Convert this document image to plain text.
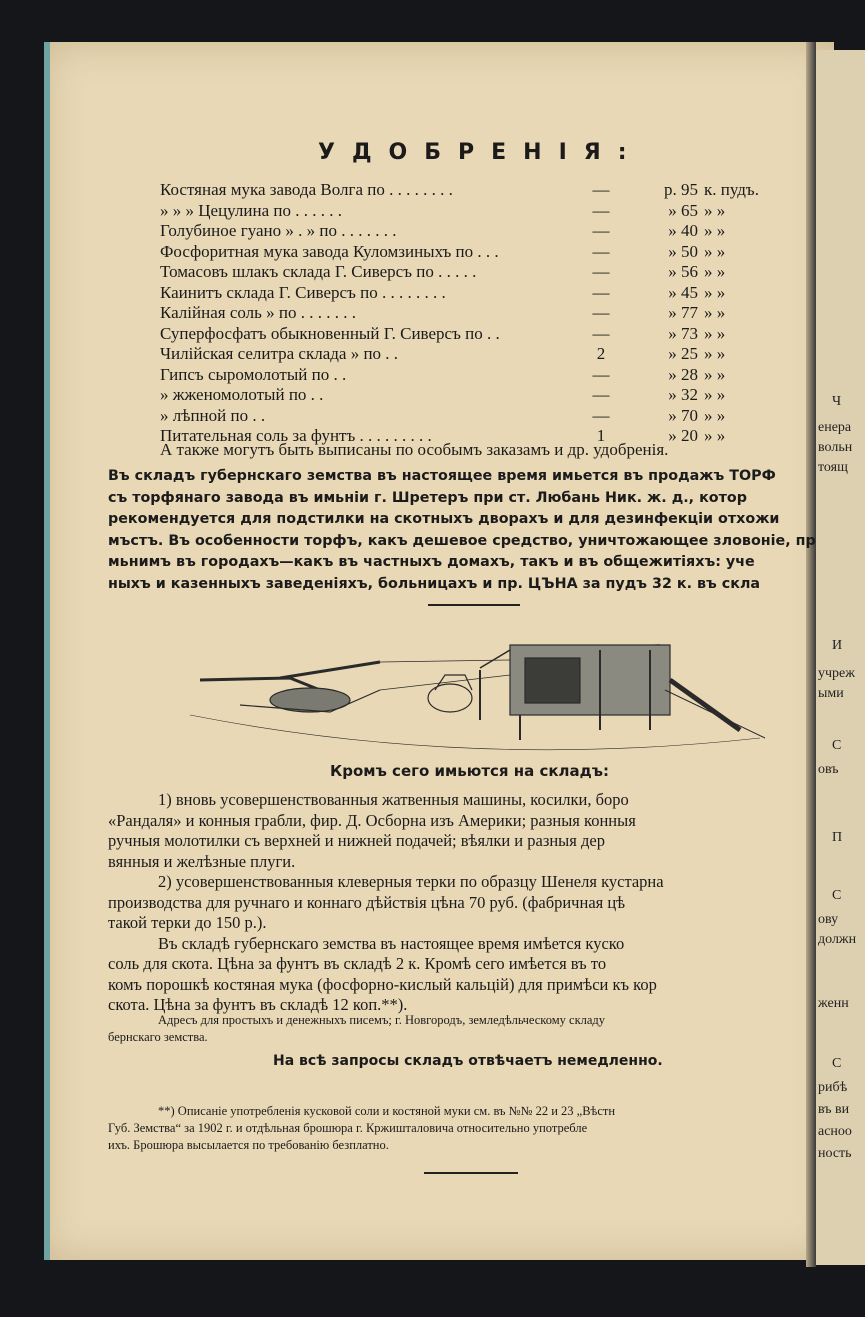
Ч
енера
вольн
тоящ
И
учреж
ыми
С
овъ
П
С
ову
должн
женн
С
рибѣ
въ ви
асноо
ность
УДОБРЕНІЯ:
Костяная мука завода Волга по . . . . . . . .	—	р. 95 к. пудъ.
» » » Цецулина по . . . . . .	—	» 65 » »
Голубиное гуано » . » по . . . . . . .	—	» 40 » »
Фосфоритная мука завода Куломзиныхъ по . . .	—	» 50 » »
Томасовъ шлакъ склада Г. Сиверсъ по . . . . .	—	» 56 » »
Каинитъ склада Г. Сиверсъ по . . . . . . . .	—	» 45 » »
Калійная соль » по . . . . . . .	—	» 77 » »
Суперфосфатъ обыкновенный Г. Сиверсъ по . .	—	» 73 » »
Чилійская селитра склада » по . .	2	» 25 » »
Гипсъ сыромолотый по . .	—	» 28 » »
» жженомолотый по . .	—	» 32 » »
» лѣпной по . .	—	» 70 » »
Питательная соль за фунтъ . . . . . . . . .	1	» 20 » »
А также могутъ быть выписаны по особымъ заказамъ и др. удобренія.
Въ складъ губернскаго земства въ настоящее время имьется въ продажъ ТОРФ
съ торфянаго завода въ имьніи г. Шретеръ при ст. Любань Ник. ж. д., котор
рекомендуется для подстилки на скотныхъ дворахъ и для дезинфекціи отхожи
мъстъ. Въ особенности торфъ, какъ дешевое средство, уничтожающее зловоніе, пр
мьнимъ въ городахъ—какъ въ частныхъ домахъ, такъ и въ общежитіяхъ: уче
ныхъ и казенныхъ заведеніяхъ, больницахъ и пр. ЦЪНА за пудъ 32 к. въ скла
Кромъ сего имьются на складъ:
1) вновь усовершенствованныя жатвенныя машины, косилки, боро
«Рандаля» и конныя грабли, фир. Д. Осборна изъ Америки; разныя конныя
ручныя молотилки съ верхней и нижней подачей; вѣялки и разныя дер
вянныя и желѣзные плуги.
2) усовершенствованныя клеверныя терки по образцу Шенеля кустарна
производства для ручнаго и коннаго дѣйствія цѣна 70 руб. (фабричная цѣ
такой терки до 150 р.).
Въ складѣ губернскаго земства въ настоящее время имѣется куско
соль для скота. Цѣна за фунтъ въ складѣ 2 к. Кромѣ сего имѣется въ то
комъ порошкѣ костяная мука (фосфорно-кислый кальцій) для примѣси къ кор
скота. Цѣна за фунтъ въ складѣ 12 коп.**).
Адресъ для простыхъ и денежныхъ писемъ; г. Новгородъ, земледѣльческому складу
бернскаго земства.
На всѣ запросы складъ отвѣчаетъ немедленно.
**) Описаніе употребленія кусковой соли и костяной муки см. въ №№ 22 и 23 „Вѣстн
Губ. Земства“ за 1902 г. и отдѣльная брошюра г. Кржишталовича относительно употребле
ихъ. Брошюра высылается по требованію безплатно.
